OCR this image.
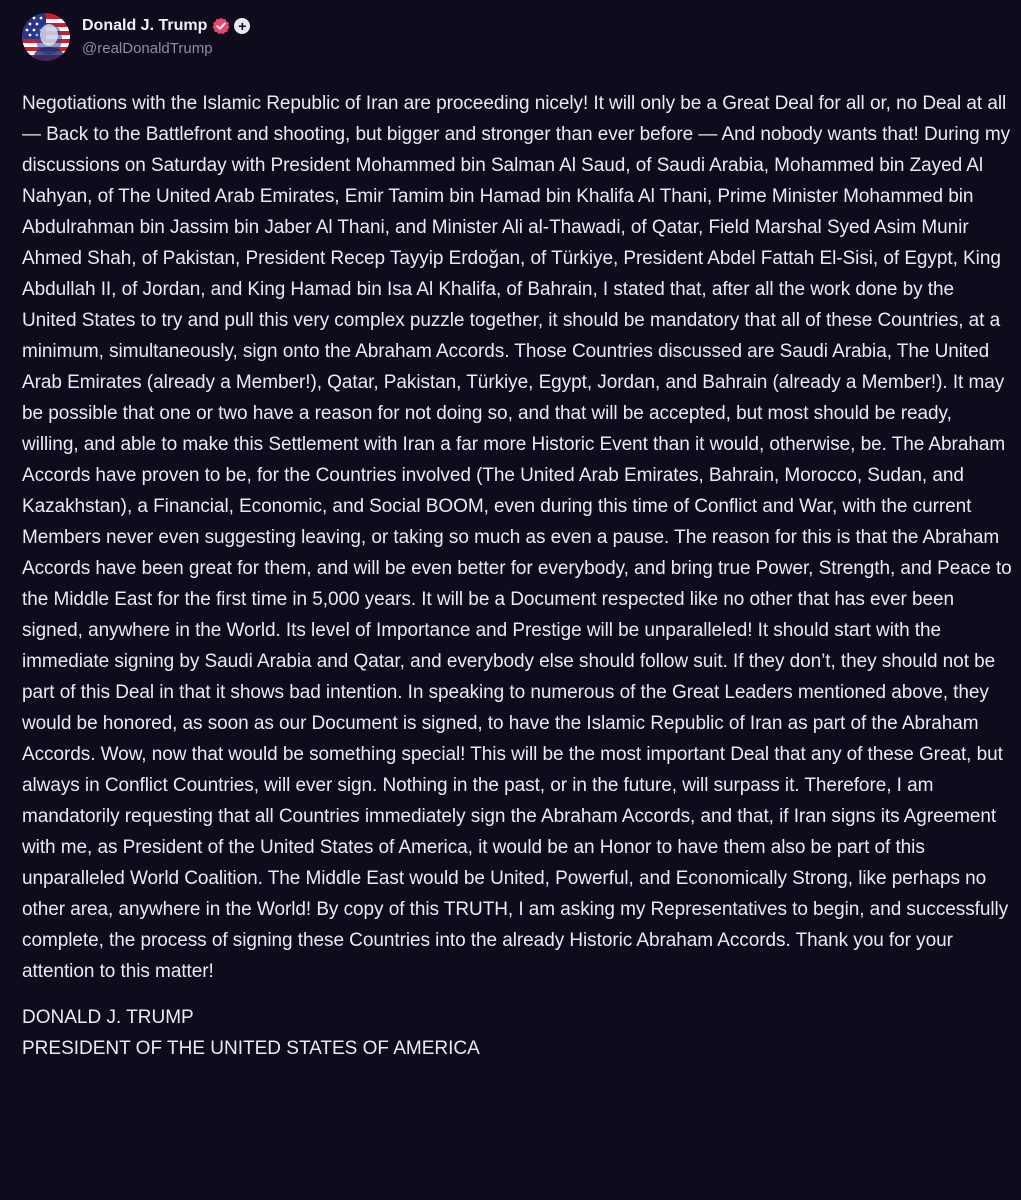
Donald J. Trump +
@realDonaldTrump

Negotiations with the Islamic Republic of Iran are proceeding nicely! It will only be a Great Deal for all or, no Deal at all — Back to the Battlefront and shooting, but bigger and stronger than ever before — And nobody wants that! During my discussions on Saturday with President Mohammed bin Salman Al Saud, of Saudi Arabia, Mohammed bin Zayed Al Nahyan, of The United Arab Emirates, Emir Tamim bin Hamad bin Khalifa Al Thani, Prime Minister Mohammed bin Abdulrahman bin Jassim bin Jaber Al Thani, and Minister Ali al-Thawadi, of Qatar, Field Marshal Syed Asim Munir Ahmed Shah, of Pakistan, President Recep Tayyip Erdoğan, of Türkiye, President Abdel Fattah El-Sisi, of Egypt, King Abdullah II, of Jordan, and King Hamad bin Isa Al Khalifa, of Bahrain, I stated that, after all the work done by the United States to try and pull this very complex puzzle together, it should be mandatory that all of these Countries, at a minimum, simultaneously, sign onto the Abraham Accords. Those Countries discussed are Saudi Arabia, The United Arab Emirates (already a Member!), Qatar, Pakistan, Türkiye, Egypt, Jordan, and Bahrain (already a Member!). It may be possible that one or two have a reason for not doing so, and that will be accepted, but most should be ready, willing, and able to make this Settlement with Iran a far more Historic Event than it would, otherwise, be. The Abraham Accords have proven to be, for the Countries involved (The United Arab Emirates, Bahrain, Morocco, Sudan, and Kazakhstan), a Financial, Economic, and Social BOOM, even during this time of Conflict and War, with the current Members never even suggesting leaving, or taking so much as even a pause. The reason for this is that the Abraham Accords have been great for them, and will be even better for everybody, and bring true Power, Strength, and Peace to the Middle East for the first time in 5,000 years. It will be a Document respected like no other that has ever been signed, anywhere in the World. Its level of Importance and Prestige will be unparalleled! It should start with the immediate signing by Saudi Arabia and Qatar, and everybody else should follow suit. If they don’t, they should not be part of this Deal in that it shows bad intention. In speaking to numerous of the Great Leaders mentioned above, they would be honored, as soon as our Document is signed, to have the Islamic Republic of Iran as part of the Abraham Accords. Wow, now that would be something special! This will be the most important Deal that any of these Great, but always in Conflict Countries, will ever sign. Nothing in the past, or in the future, will surpass it. Therefore, I am mandatorily requesting that all Countries immediately sign the Abraham Accords, and that, if Iran signs its Agreement with me, as President of the United States of America, it would be an Honor to have them also be part of this unparalleled World Coalition. The Middle East would be United, Powerful, and Economically Strong, like perhaps no other area, anywhere in the World! By copy of this TRUTH, I am asking my Representatives to begin, and successfully complete, the process of signing these Countries into the already Historic Abraham Accords. Thank you for your attention to this matter!

DONALD J. TRUMP
PRESIDENT OF THE UNITED STATES OF AMERICA
